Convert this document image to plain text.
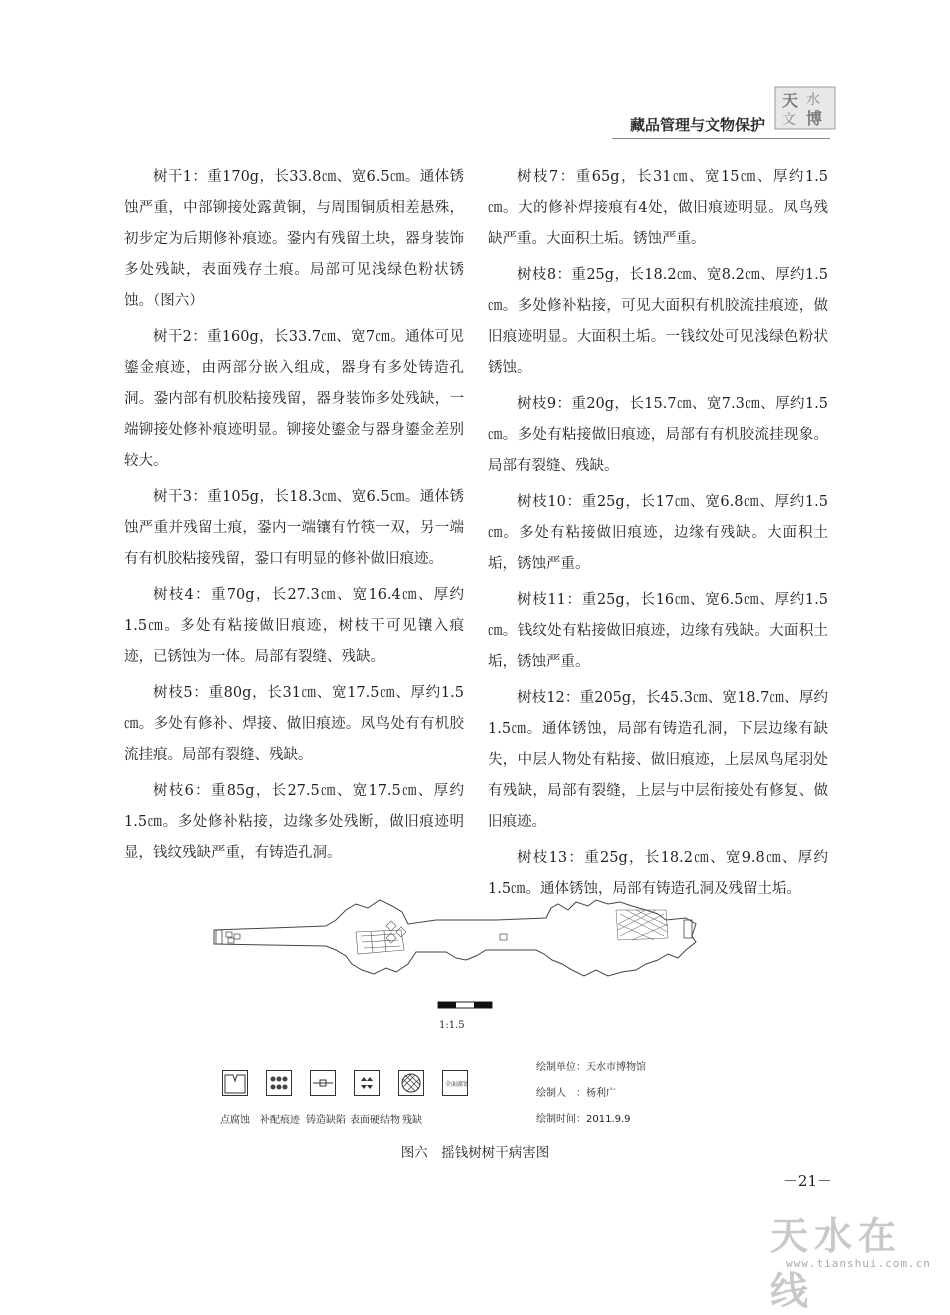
天 水
文 博
藏品管理与文物保护

树干1：重170g，长33.8㎝、宽6.5㎝。通体锈蚀严重，中部铆接处露黄铜，与周围铜质相差悬殊，初步定为后期修补痕迹。銎内有残留土块，器身装饰多处残缺，表面残存土痕。局部可见浅绿色粉状锈蚀。（图六）

树干2：重160g，长33.7㎝、宽7㎝。通体可见鎏金痕迹，由两部分嵌入组成，器身有多处铸造孔洞。銎内部有机胶粘接残留，器身装饰多处残缺，一端铆接处修补痕迹明显。铆接处鎏金与器身鎏金差别较大。

树干3：重105g，长18.3㎝、宽6.5㎝。通体锈蚀严重并残留土痕，銎内一端镶有竹筷一双，另一端有有机胶粘接残留，銎口有明显的修补做旧痕迹。

树枝4：重70g，长27.3㎝、宽16.4㎝、厚约1.5㎝。多处有粘接做旧痕迹，树枝干可见镶入痕迹，已锈蚀为一体。局部有裂缝、残缺。

树枝5：重80g，长31㎝、宽17.5㎝、厚约1.5㎝。多处有修补、焊接、做旧痕迹。凤鸟处有有机胶流挂痕。局部有裂缝、残缺。

树枝6：重85g，长27.5㎝、宽17.5㎝、厚约1.5㎝。多处修补粘接，边缘多处残断，做旧痕迹明显，钱纹残缺严重，有铸造孔洞。

树枝7：重65g，长31㎝、宽15㎝、厚约1.5㎝。大的修补焊接痕有4处，做旧痕迹明显。凤鸟残缺严重。大面积土垢。锈蚀严重。

树枝8：重25g，长18.2㎝、宽8.2㎝、厚约1.5㎝。多处修补粘接，可见大面积有机胶流挂痕迹，做旧痕迹明显。大面积土垢。一钱纹处可见浅绿色粉状锈蚀。

树枝9：重20g，长15.7㎝、宽7.3㎝、厚约1.5㎝。多处有粘接做旧痕迹，局部有有机胶流挂现象。局部有裂缝、残缺。

树枝10：重25g，长17㎝、宽6.8㎝、厚约1.5㎝。多处有粘接做旧痕迹，边缘有残缺。大面积土垢，锈蚀严重。

树枝11：重25g，长16㎝、宽6.5㎝、厚约1.5㎝。钱纹处有粘接做旧痕迹，边缘有残缺。大面积土垢，锈蚀严重。

树枝12：重205g，长45.3㎝、宽18.7㎝、厚约1.5㎝。通体锈蚀，局部有铸造孔洞，下层边缘有缺失，中层人物处有粘接、做旧痕迹，上层凤鸟尾羽处有残缺，局部有裂缝，上层与中层衔接处有修复、做旧痕迹。

树枝13：重25g，长18.2㎝、宽9.8㎝、厚约1.5㎝。通体锈蚀，局部有铸造孔洞及残留土垢。

1:1.5
点腐蚀 补配痕迹 铸造缺陷 表面硬结物 残缺
全面腐蚀
绘制单位：天水市博物馆
绘制人　：杨利广
绘制时间：2011.9.9
图六　摇钱树树干病害图
－21－
天水在线
www.tianshui.com.cn
